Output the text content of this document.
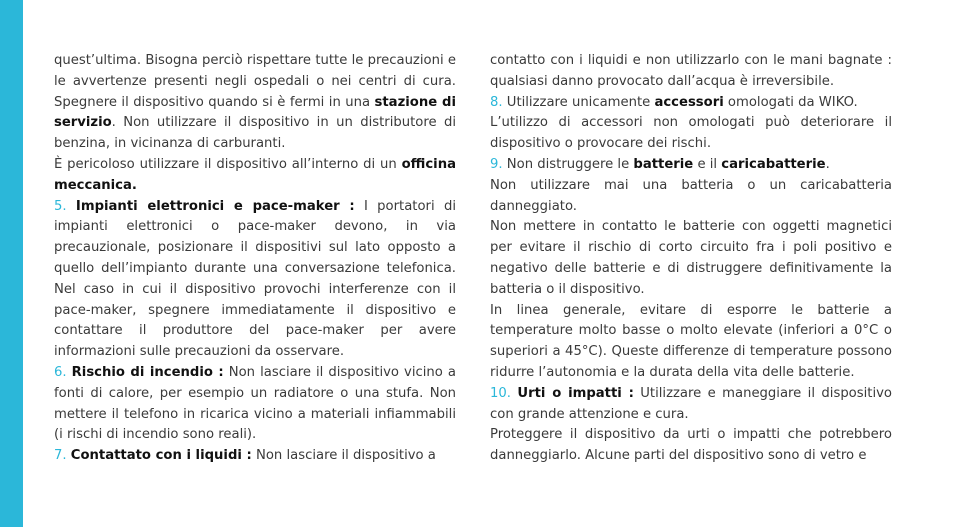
quest’ultima. Bisogna perciò rispettare tutte le precauzioni e le avvertenze presenti negli ospedali o nei centri di cura. Spegnere il dispositivo quando si è fermi in una stazione di servizio. Non utilizzare il dispositivo in un distributore di benzina, in vicinanza di carburanti.

È pericoloso utilizzare il dispositivo all’interno di un officina meccanica.

5. Impianti elettronici e pace-maker : I portatori di impianti elettronici o pace-maker devono, in via precauzionale, posizionare il dispositivi sul lato opposto a quello dell’impianto durante una conversazione telefonica. Nel caso in cui il dispositivo provochi interferenze con il pace-maker, spegnere immediatamente il dispositivo e contattare il produttore del pace-maker per avere informazioni sulle precauzioni da osservare.

6. Rischio di incendio : Non lasciare il dispositivo vicino a fonti di calore, per esempio un radiatore o una stufa. Non mettere il telefono in ricarica vicino a materiali infiammabili (i rischi di incendio sono reali).

7. Contattato con i liquidi : Non lasciare il dispositivo a

contatto con i liquidi e non utilizzarlo con le mani bagnate : qualsiasi danno provocato dall’acqua è irreversibile.

8. Utilizzare unicamente accessori omologati da WIKO.

L’utilizzo di accessori non omologati può deteriorare il dispositivo o provocare dei rischi.

9. Non distruggere le batterie e il caricabatterie.

Non utilizzare mai una batteria o un caricabatteria danneggiato.

Non mettere in contatto le batterie con oggetti magnetici per evitare il rischio di corto circuito fra i poli positivo e negativo delle batterie e di distruggere definitivamente la batteria o il dispositivo.

In linea generale, evitare di esporre le batterie a temperature molto basse o molto elevate (inferiori a 0°C o superiori a 45°C). Queste differenze di temperature possono ridurre l’autonomia e la durata della vita delle batterie.

10. Urti o impatti : Utilizzare e maneggiare il dispositivo con grande attenzione e cura.

Proteggere il dispositivo da urti o impatti che potrebbero danneggiarlo. Alcune parti del dispositivo sono di vetro e
